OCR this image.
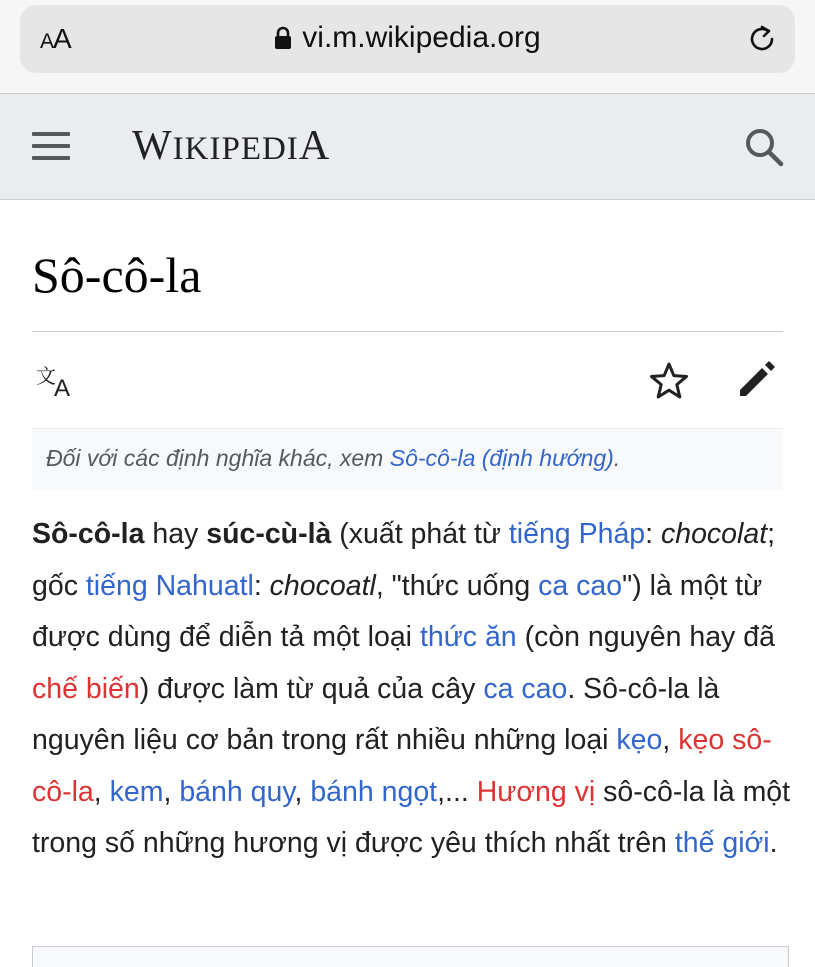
AA	vi.m.wikipedia.org
WIKIPEDIA
Sô-cô-la
文
A
Đối với các định nghĩa khác, xem Sô-cô-la (định hướng).
Sô-cô-la hay súc-cù-là (xuất phát từ tiếng Pháp: chocolat; gốc tiếng Nahuatl: chocoatl, "thức uống ca cao") là một từ được dùng để diễn tả một loại thức ăn (còn nguyên hay đã chế biến) được làm từ quả của cây ca cao. Sô-cô-la là nguyên liệu cơ bản trong rất nhiều những loại kẹo, kẹo sô-cô-la, kem, bánh quy, bánh ngọt,... Hương vị sô-cô-la là một trong số những hương vị được yêu thích nhất trên thế giới.
